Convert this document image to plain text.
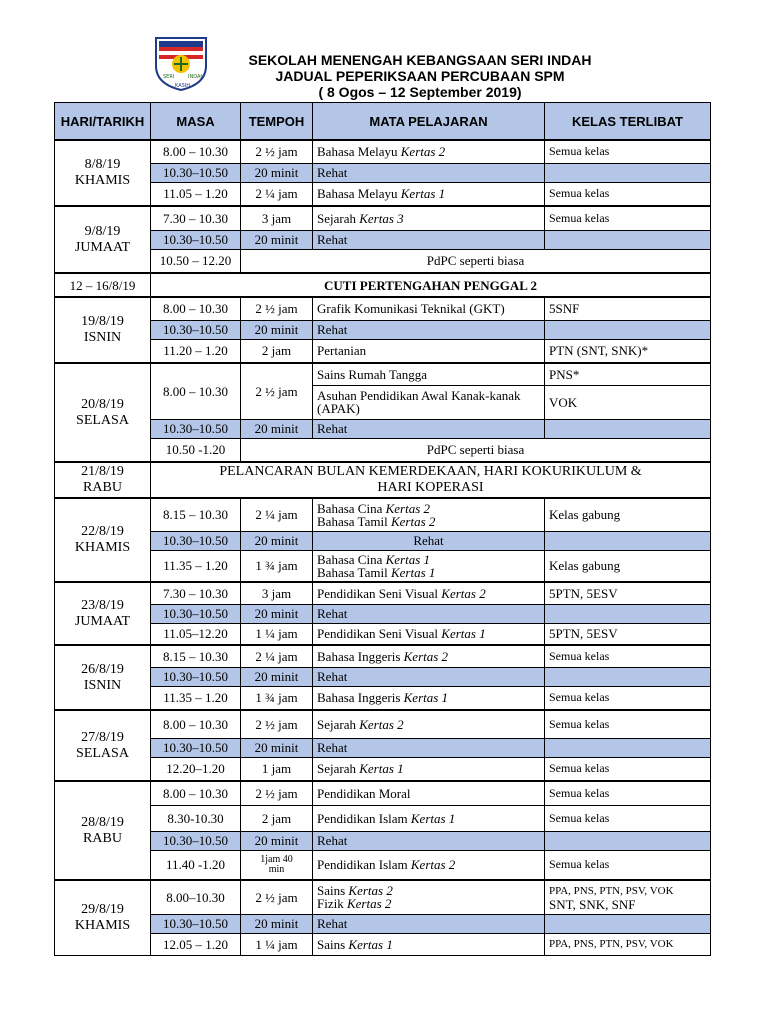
SERI	INDAH
KASIH
SEKOLAH MENENGAH KEBANGSAAN SERI INDAH
JADUAL PEPERIKSAAN PERCUBAAN SPM
( 8 Ogos – 12 September 2019)
HARI/TARIKH	MASA	TEMPOH	MATA PELAJARAN	KELAS TERLIBAT
8/8/19
KHAMIS	8.00 – 10.30	2 ½ jam	Bahasa Melayu Kertas 2	Semua kelas
	10.30–10.50	20 minit	Rehat	
	11.05 – 1.20	2 ¼ jam	Bahasa Melayu Kertas 1	Semua kelas
9/8/19
JUMAAT	7.30 – 10.30	3 jam	Sejarah Kertas 3	Semua kelas
	10.30–10.50	20 minit	Rehat	
	10.50 – 12.20	PdPC seperti biasa		
12 – 16/8/19	CUTI PERTENGAHAN PENGGAL 2			
19/8/19
ISNIN	8.00 – 10.30	2 ½ jam	Grafik Komunikasi Teknikal (GKT)	5SNF
	10.30–10.50	20 minit	Rehat	
	11.20 – 1.20	2 jam	Pertanian	PTN (SNT, SNK)*
20/8/19
SELASA	8.00 – 10.30	2 ½ jam	Sains Rumah Tangga	PNS*
			Asuhan Pendidikan Awal Kanak-kanak (APAK)	VOK
	10.30–10.50	20 minit	Rehat	
	10.50 -1.20	PdPC seperti biasa		
21/8/19
RABU	PELANCARAN BULAN KEMERDEKAAN, HARI KOKURIKULUM &
HARI KOPERASI			
22/8/19
KHAMIS	8.15 – 10.30	2 ¼ jam	Bahasa Cina Kertas 2
Bahasa Tamil Kertas 2	Kelas gabung
	10.30–10.50	20 minit	Rehat	
	11.35 – 1.20	1 ¾ jam	Bahasa Cina Kertas 1
Bahasa Tamil Kertas 1	Kelas gabung
23/8/19
JUMAAT	7.30 – 10.30	3 jam	Pendidikan Seni Visual Kertas 2	5PTN, 5ESV
	10.30–10.50	20 minit	Rehat	
	11.05–12.20	1 ¼ jam	Pendidikan Seni Visual Kertas 1	5PTN, 5ESV
26/8/19
ISNIN	8.15 – 10.30	2 ¼ jam	Bahasa Inggeris Kertas 2	Semua kelas
	10.30–10.50	20 minit	Rehat	
	11.35 – 1.20	1 ¾ jam	Bahasa Inggeris Kertas 1	Semua kelas
27/8/19
SELASA	8.00 – 10.30	2 ½ jam	Sejarah Kertas 2	Semua kelas
	10.30–10.50	20 minit	Rehat	
	12.20–1.20	1 jam	Sejarah Kertas 1	Semua kelas
28/8/19
RABU	8.00 – 10.30	2 ½ jam	Pendidikan Moral	Semua kelas
	8.30-10.30	2 jam	Pendidikan Islam Kertas 1	Semua kelas
	10.30–10.50	20 minit	Rehat	
	11.40 -1.20	1jam 40
min	Pendidikan Islam Kertas 2	Semua kelas
29/8/19
KHAMIS	8.00–10.30	2 ½ jam	Sains Kertas 2
Fizik Kertas 2	PPA, PNS, PTN, PSV, VOK
SNT, SNK, SNF
	10.30–10.50	20 minit	Rehat	
	12.05 – 1.20	1 ¼ jam	Sains Kertas 1	PPA, PNS, PTN, PSV, VOK
